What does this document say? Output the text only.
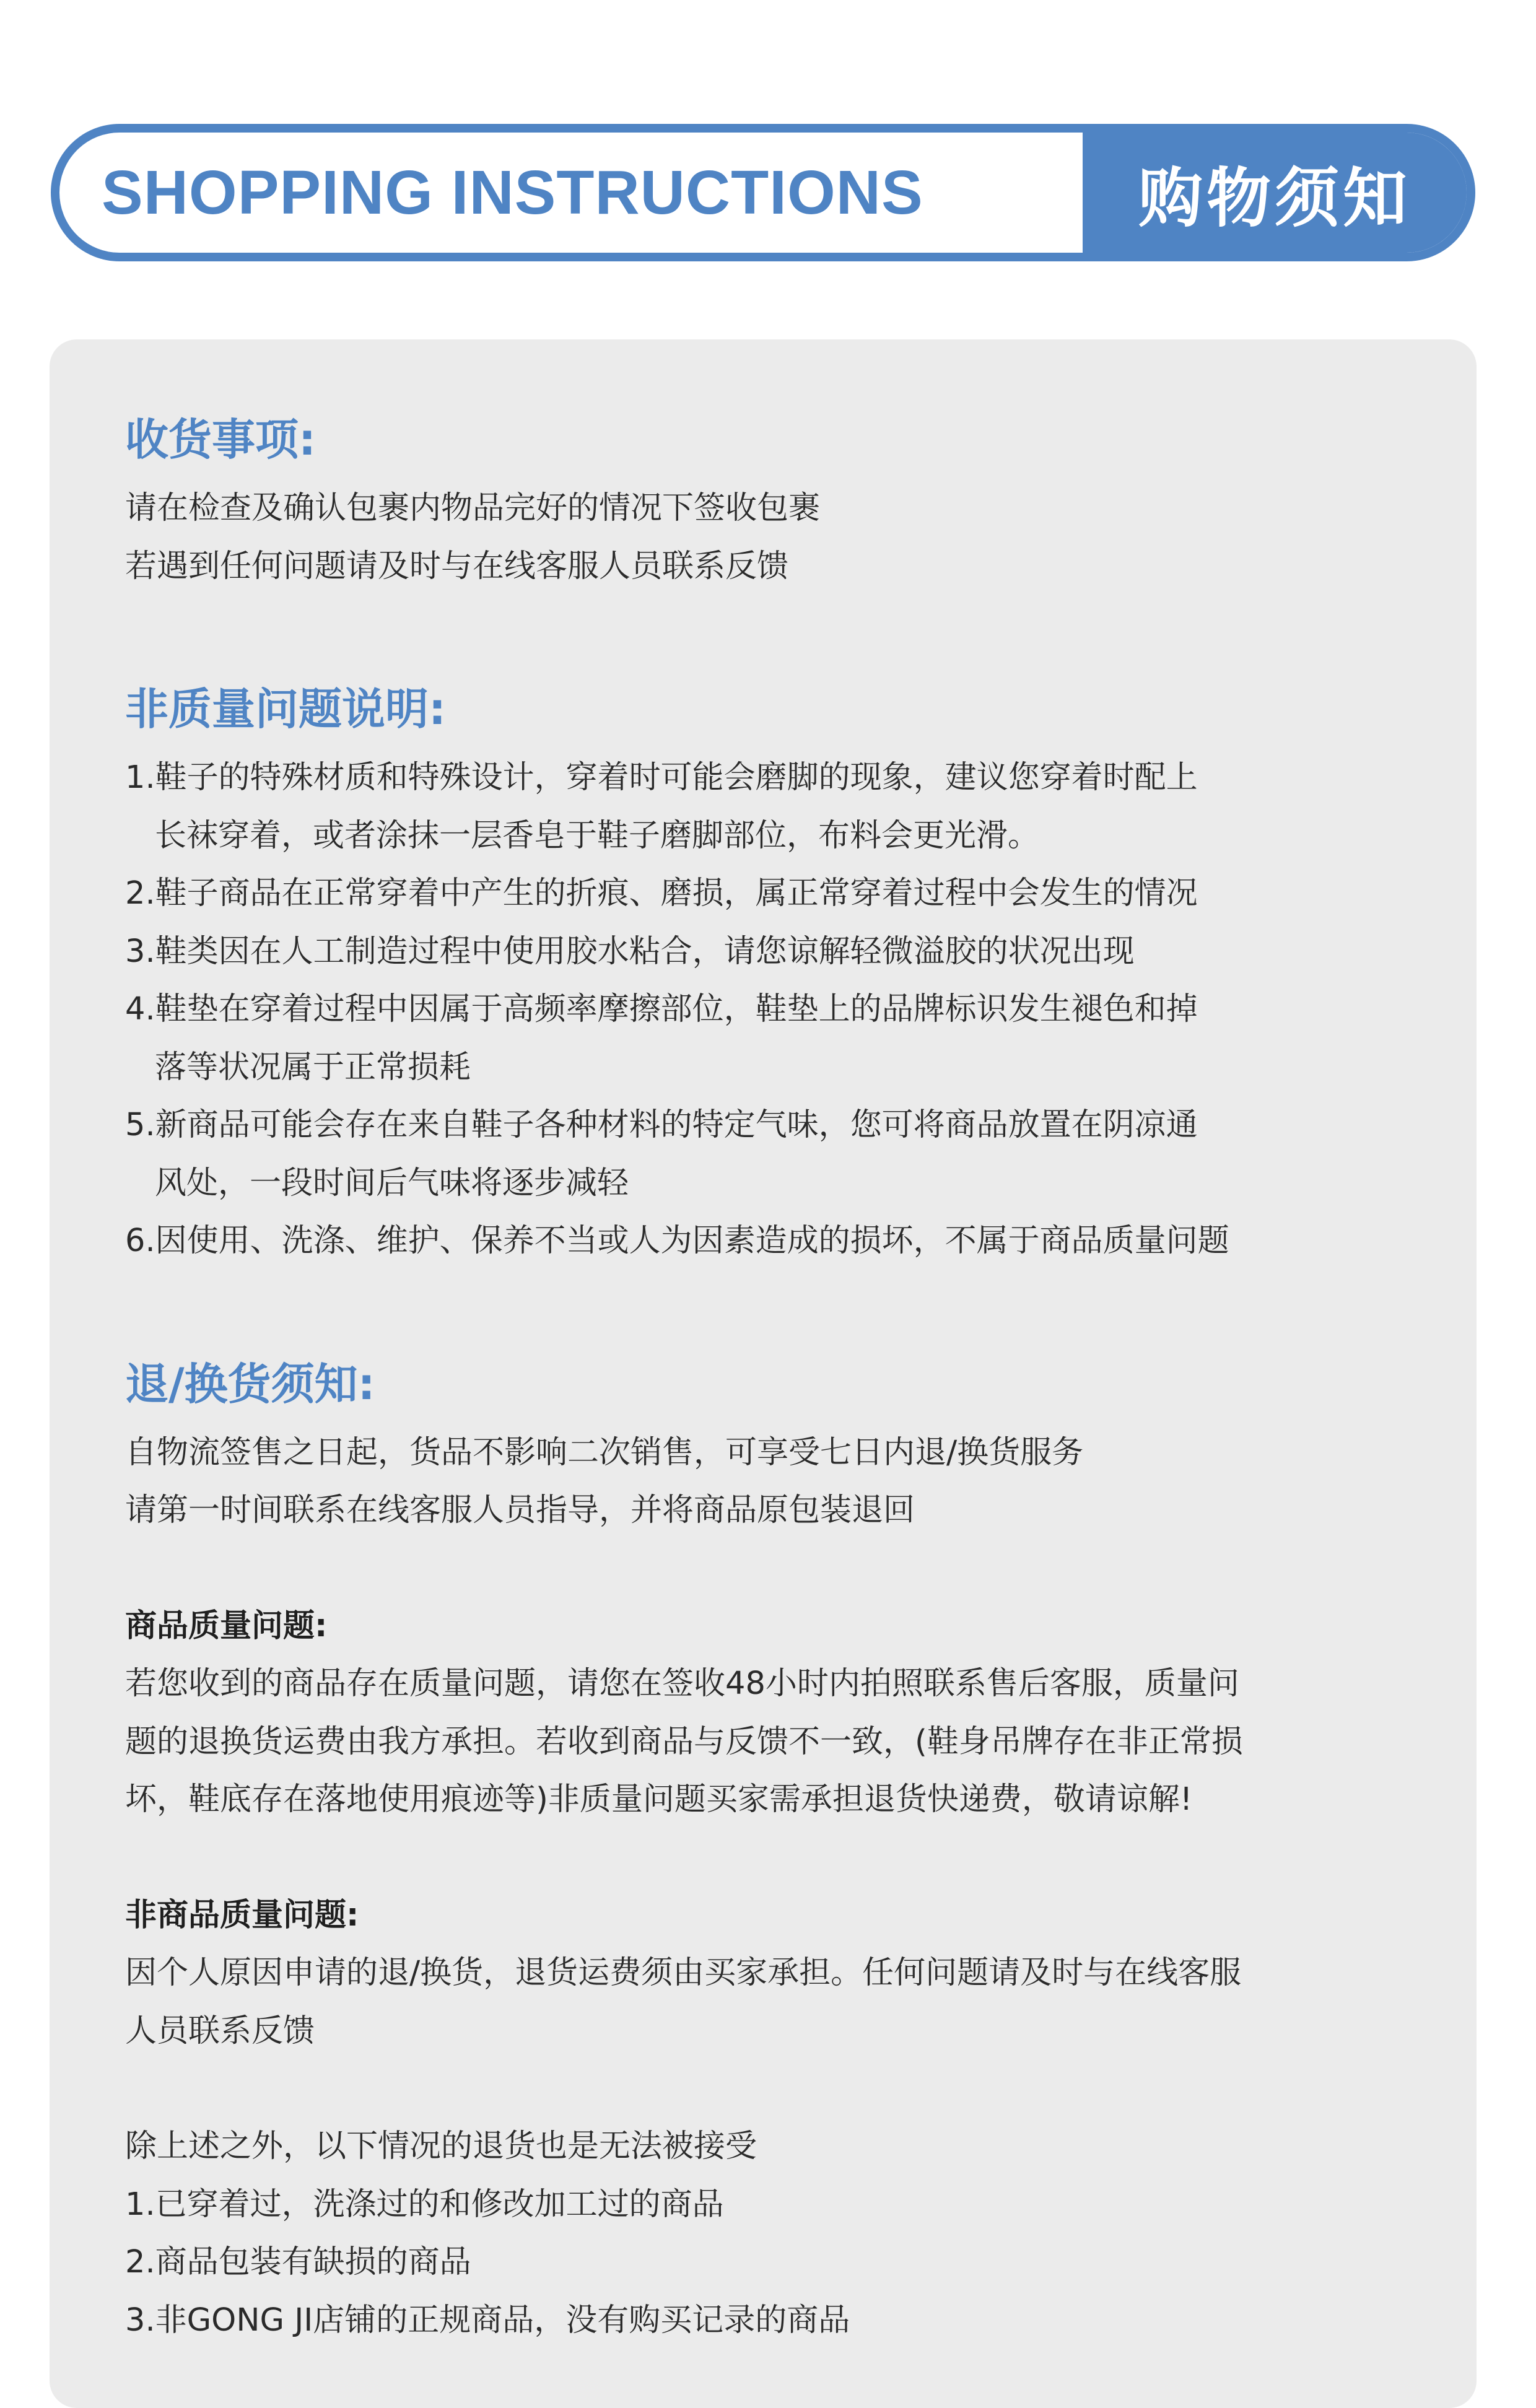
SHOPPING INSTRUCTIONS	购物须知
收货事项:
请在检查及确认包裹内物品完好的情况下签收包裹
若遇到任何问题请及时与在线客服人员联系反馈
非质量问题说明:
1.鞋子的特殊材质和特殊设计，穿着时可能会磨脚的现象，建议您穿着时配上
长袜穿着，或者涂抹一层香皂于鞋子磨脚部位，布料会更光滑。
2.鞋子商品在正常穿着中产生的折痕、磨损，属正常穿着过程中会发生的情况
3.鞋类因在人工制造过程中使用胶水粘合，请您谅解轻微溢胶的状况出现
4.鞋垫在穿着过程中因属于高频率摩擦部位，鞋垫上的品牌标识发生褪色和掉
落等状况属于正常损耗
5.新商品可能会存在来自鞋子各种材料的特定气味，您可将商品放置在阴凉通
风处，一段时间后气味将逐步减轻
6.因使用、洗涤、维护、保养不当或人为因素造成的损坏，不属于商品质量问题
退/换货须知:
自物流签售之日起，货品不影响二次销售，可享受七日内退/换货服务
请第一时间联系在线客服人员指导，并将商品原包装退回
商品质量问题:
若您收到的商品存在质量问题，请您在签收48小时内拍照联系售后客服，质量问
题的退换货运费由我方承担。若收到商品与反馈不一致，(鞋身吊牌存在非正常损
坏，鞋底存在落地使用痕迹等)非质量问题买家需承担退货快递费，敬请谅解!
非商品质量问题:
因个人原因申请的退/换货，退货运费须由买家承担。任何问题请及时与在线客服
人员联系反馈
除上述之外，以下情况的退货也是无法被接受
1.已穿着过，洗涤过的和修改加工过的商品
2.商品包装有缺损的商品
3.非GONG JI店铺的正规商品，没有购买记录的商品
